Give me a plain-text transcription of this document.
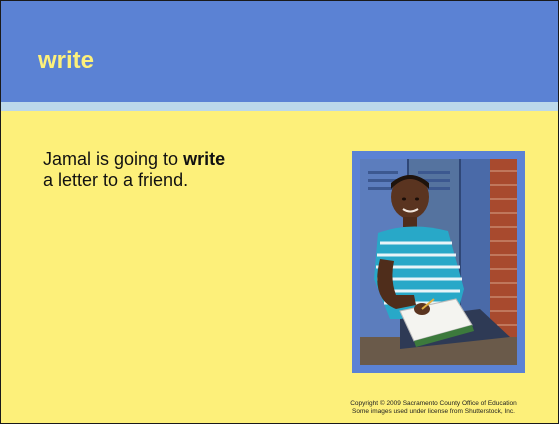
write
Jamal is going to write
a letter to a friend.
Copyright © 2009 Sacramento County Office of Education
Some images used under license from Shutterstock, Inc.
